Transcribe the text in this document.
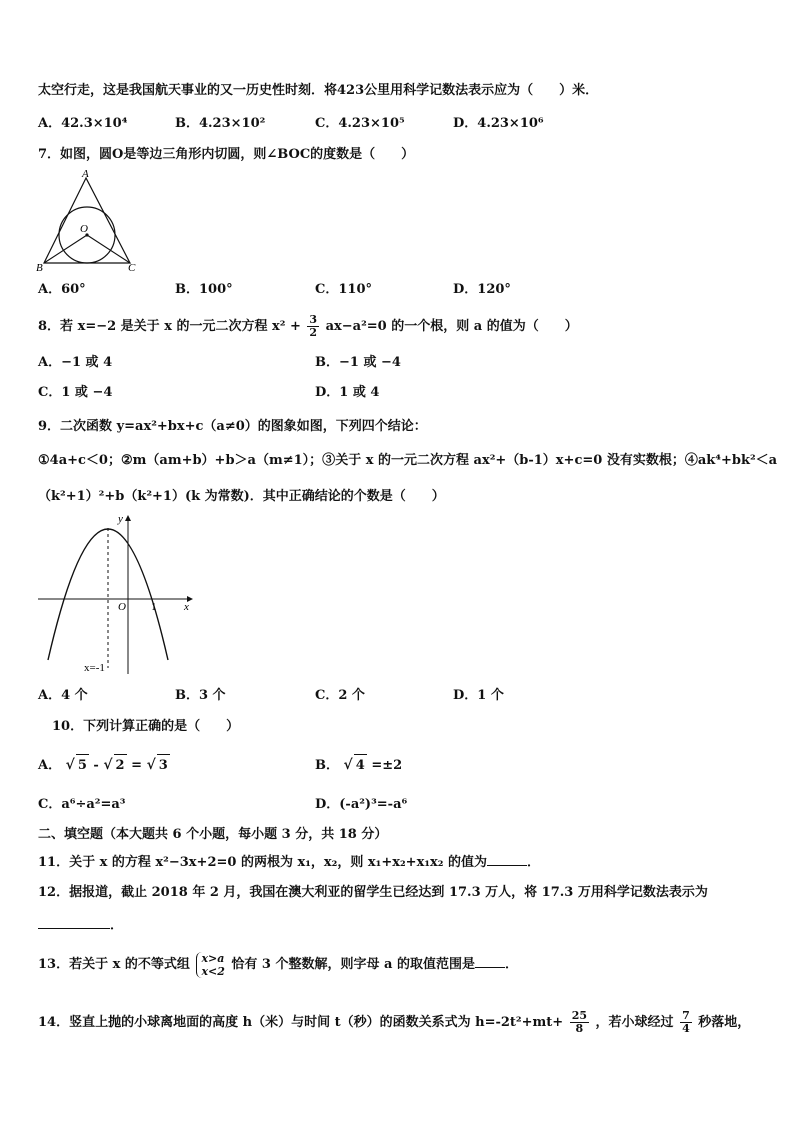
太空行走，这是我国航天事业的又一历史性时刻．将423公里用科学记数法表示应为（　　）米．
A．42.3×10⁴	B．4.23×10²	C．4.23×10⁵	D．4.23×10⁶
7．如图，圆O是等边三角形内切圆，则∠BOC的度数是（　　）
A
O
B	C
A．60°	B．100°	C．110°	D．120°
8．若 x=−2 是关于 x 的一元二次方程 $x^2 + \frac{3}{2} ax-a^2=0$ 的一个根，则 a 的值为（　　）
A．−1 或 4	B．−1 或 −4
C．1 或 −4	D．1 或 4
9．二次函数 y=ax²+bx+c（a≠0）的图象如图，下列四个结论：
①4a+c＜0；②m（am+b）+b＞a（m≠1）；③关于 x 的一元二次方程 ax²+（b-1）x+c=0 没有实数根；④ak⁴+bk²＜a
（k²+1）²+b（k²+1）(k 为常数)．其中正确结论的个数是（　　）
y
x
O 1
x=-1
A．4 个	B．3 个	C．2 个	D．1 个
10．下列计算正确的是（　　）
A． √ 5 - √ 2 = √ 3	B． √ 4 =±2
C．a⁶÷a²=a³	D．(-a²)³=-a⁶
二、填空题（本大题共 6 个小题，每小题 3 分，共 18 分）
11．关于 x 的方程 x²−3x+2=0 的两根为 x₁，x₂，则 x₁+x₂+x₁x₂ 的值为	．
12．据报道，截止 2018 年 2 月，我国在澳大利亚的留学生已经达到 17.3 万人，将 17.3 万用科学记数法表示为
．
13．若关于 x 的不等式组 x>a
x<2 恰有 3 个整数解，则字母 a 的取值范围是 ．
14．竖直上抛的小球离地面的高度 h（米）与时间 t（秒）的函数关系式为 $h=-2t^2+mt+ \frac{25}{8}$ ，若小球经过 $\frac{7}{4}$ 秒落地，
